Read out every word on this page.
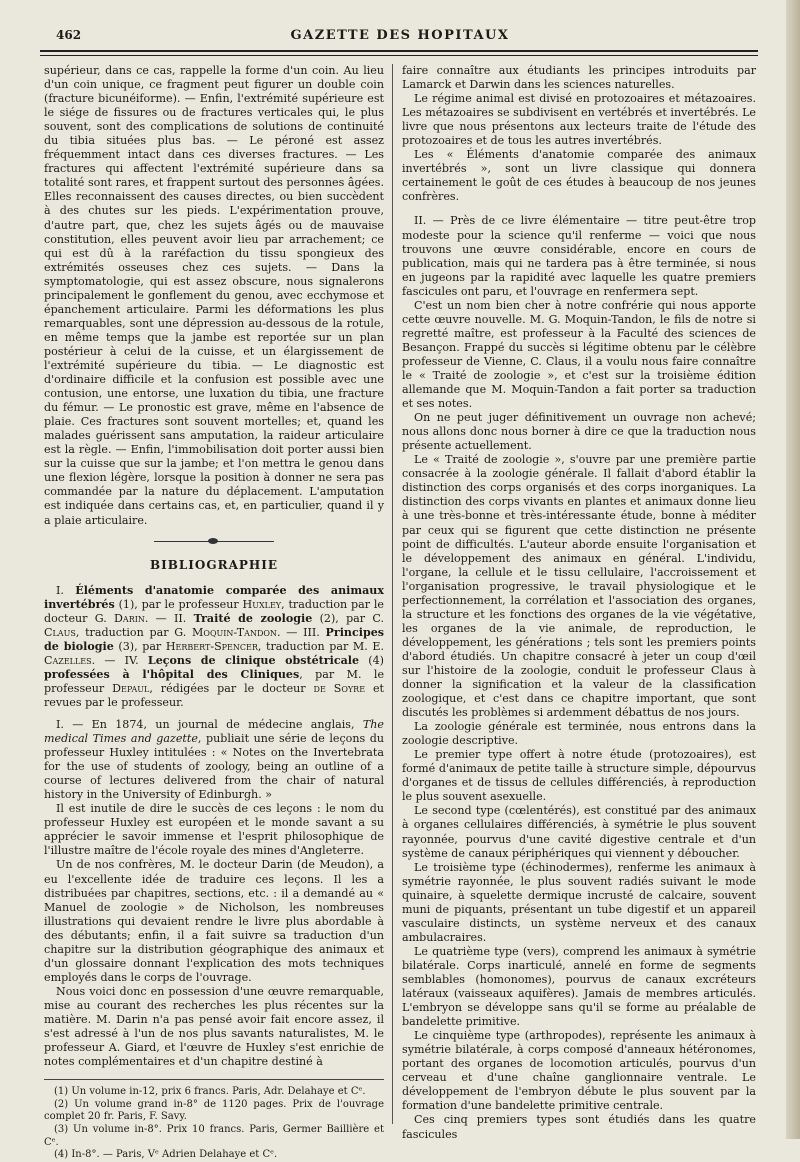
462	GAZETTE DES HOPITAUX

supérieur, dans ce cas, rappelle la forme d'un coin. Au lieu d'un coin unique, ce fragment peut figurer un double coin (fracture bicunéiforme). — Enfin, l'extrémité supérieure est le siége de fissures ou de fractures verticales qui, le plus souvent, sont des complications de solutions de continuité du tibia situées plus bas. — Le péroné est assez fréquemment intact dans ces diverses fractures. — Les fractures qui affectent l'extrémité supérieure dans sa totalité sont rares, et frappent surtout des personnes âgées. Elles reconnaissent des causes directes, ou bien succèdent à des chutes sur les pieds. L'expérimentation prouve, d'autre part, que, chez les sujets âgés ou de mauvaise constitution, elles peuvent avoir lieu par arrachement; ce qui est dû à la raréfaction du tissu spongieux des extrémités osseuses chez ces sujets. — Dans la symptomatologie, qui est assez obscure, nous signalerons principalement le gonflement du genou, avec ecchymose et épanchement articulaire. Parmi les déformations les plus remarquables, sont une dépression au-dessous de la rotule, en même temps que la jambe est reportée sur un plan postérieur à celui de la cuisse, et un élargissement de l'extrémité supérieure du tibia. — Le diagnostic est d'ordinaire difficile et la confusion est possible avec une contusion, une entorse, une luxation du tibia, une fracture du fémur. — Le pronostic est grave, même en l'absence de plaie. Ces fractures sont souvent mortelles; et, quand les malades guérissent sans amputation, la raideur articulaire est la règle. — Enfin, l'immobilisation doit porter aussi bien sur la cuisse que sur la jambe; et l'on mettra le genou dans une flexion légère, lorsque la position à donner ne sera pas commandée par la nature du déplacement. L'amputation est indiquée dans certains cas, et, en particulier, quand il y a plaie articulaire.

BIBLIOGRAPHIE

I. Éléments d'anatomie comparée des animaux invertébrés (1), par le professeur Huxley, traduction par le docteur G. Darin. — II. Traité de zoologie (2), par C. Claus, traduction par G. Moquin-Tandon. — III. Principes de biologie (3), par Herbert-Spencer, traduction par M. E. Cazelles. — IV. Leçons de clinique obstétricale (4) professées à l'hôpital des Cliniques, par M. le professeur Depaul, rédigées par le docteur de Soyre et revues par le professeur.

I. — En 1874, un journal de médecine anglais, The medical Times and gazette, publiait une série de leçons du professeur Huxley intitulées : « Notes on the Invertebrata for the use of students of zoology, being an outline of a course of lectures delivered from the chair of natural history in the University of Edinburgh. »

Il est inutile de dire le succès de ces leçons : le nom du professeur Huxley est européen et le monde savant a su apprécier le savoir immense et l'esprit philosophique de l'illustre maître de l'école royale des mines d'Angleterre.

Un de nos confrères, M. le docteur Darin (de Meudon), a eu l'excellente idée de traduire ces leçons. Il les a distribuées par chapitres, sections, etc. : il a demandé au « Manuel de zoologie » de Nicholson, les nombreuses illustrations qui devaient rendre le livre plus abordable à des débutants; enfin, il a fait suivre sa traduction d'un chapitre sur la distribution géographique des animaux et d'un glossaire donnant l'explication des mots techniques employés dans le corps de l'ouvrage.

Nous voici donc en possession d'une œuvre remarquable, mise au courant des recherches les plus récentes sur la matière. M. Darin n'a pas pensé avoir fait encore assez, il s'est adressé à l'un de nos plus savants naturalistes, M. le professeur A. Giard, et l'œuvre de Huxley s'est enrichie de notes complémentaires et d'un chapitre destiné à

(1) Un volume in-12, prix 6 francs. Paris, Adr. Delahaye et Cᵉ.
(2) Un volume grand in-8° de 1120 pages. Prix de l'ouvrage complet 20 fr. Paris, F. Savy.
(3) Un volume in-8°. Prix 10 francs. Paris, Germer Baillière et Cᵉ.
(4) In-8°. — Paris, Vᵉ Adrien Delahaye et Cᵉ.

faire connaître aux étudiants les principes introduits par Lamarck et Darwin dans les sciences naturelles.

Le régime animal est divisé en protozoaires et métazoaires. Les métazoaires se subdivisent en vertébrés et invertébrés. Le livre que nous présentons aux lecteurs traite de l'étude des protozoaires et de tous les autres invertébrés.

Les « Éléments d'anatomie comparée des animaux invertébrés », sont un livre classique qui donnera certainement le goût de ces études à beaucoup de nos jeunes confrères.

II. — Près de ce livre élémentaire — titre peut-être trop modeste pour la science qu'il renferme — voici que nous trouvons une œuvre considérable, encore en cours de publication, mais qui ne tardera pas à être terminée, si nous en jugeons par la rapidité avec laquelle les quatre premiers fascicules ont paru, et l'ouvrage en renfermera sept.

C'est un nom bien cher à notre confrérie qui nous apporte cette œuvre nouvelle. M. G. Moquin-Tandon, le fils de notre si regretté maître, est professeur à la Faculté des sciences de Besançon. Frappé du succès si légitime obtenu par le célèbre professeur de Vienne, C. Claus, il a voulu nous faire connaître le « Traité de zoologie », et c'est sur la troisième édition allemande que M. Moquin-Tandon a fait porter sa traduction et ses notes.

On ne peut juger définitivement un ouvrage non achevé; nous allons donc nous borner à dire ce que la traduction nous présente actuellement.

Le « Traité de zoologie », s'ouvre par une première partie consacrée à la zoologie générale. Il fallait d'abord établir la distinction des corps organisés et des corps inorganiques. La distinction des corps vivants en plantes et animaux donne lieu à une très-bonne et très-intéressante étude, bonne à méditer par ceux qui se figurent que cette distinction ne présente point de difficultés. L'auteur aborde ensuite l'organisation et le développement des animaux en général. L'individu, l'organe, la cellule et le tissu cellulaire, l'accroissement et l'organisation progressive, le travail physiologique et le perfectionnement, la corrélation et l'association des organes, la structure et les fonctions des organes de la vie végétative, les organes de la vie animale, de reproduction, le développement, les générations ; tels sont les premiers points d'abord étudiés. Un chapitre consacré à jeter un coup d'œil sur l'histoire de la zoologie, conduit le professeur Claus à donner la signification et la valeur de la classification zoologique, et c'est dans ce chapitre important, que sont discutés les problèmes si ardemment débattus de nos jours.

La zoologie générale est terminée, nous entrons dans la zoologie descriptive.

Le premier type offert à notre étude (protozoaires), est formé d'animaux de petite taille à structure simple, dépourvus d'organes et de tissus de cellules différenciés, à reproduction le plus souvent asexuelle.

Le second type (cœlentérés), est constitué par des animaux à organes cellulaires différenciés, à symétrie le plus souvent rayonnée, pourvus d'une cavité digestive centrale et d'un système de canaux périphériques qui viennent y déboucher.

Le troisième type (échinodermes), renferme les animaux à symétrie rayonnée, le plus souvent radiés suivant le mode quinaire, à squelette dermique incrusté de calcaire, souvent muni de piquants, présentant un tube digestif et un appareil vasculaire distincts, un système nerveux et des canaux ambulacraires.

Le quatrième type (vers), comprend les animaux à symétrie bilatérale. Corps inarticulé, annelé en forme de segments semblables (homonomes), pourvus de canaux excréteurs latéraux (vaisseaux aquifères). Jamais de membres articulés. L'embryon se développe sans qu'il se forme au préalable de bandelette primitive.

Le cinquième type (arthropodes), représente les animaux à symétrie bilatérale, à corps composé d'anneaux hétéronomes, portant des organes de locomotion articulés, pourvus d'un cerveau et d'une chaîne ganglionnaire ventrale. Le développement de l'embryon débute le plus souvent par la formation d'une bandelette primitive centrale.

Ces cinq premiers types sont étudiés dans les quatre fascicules
